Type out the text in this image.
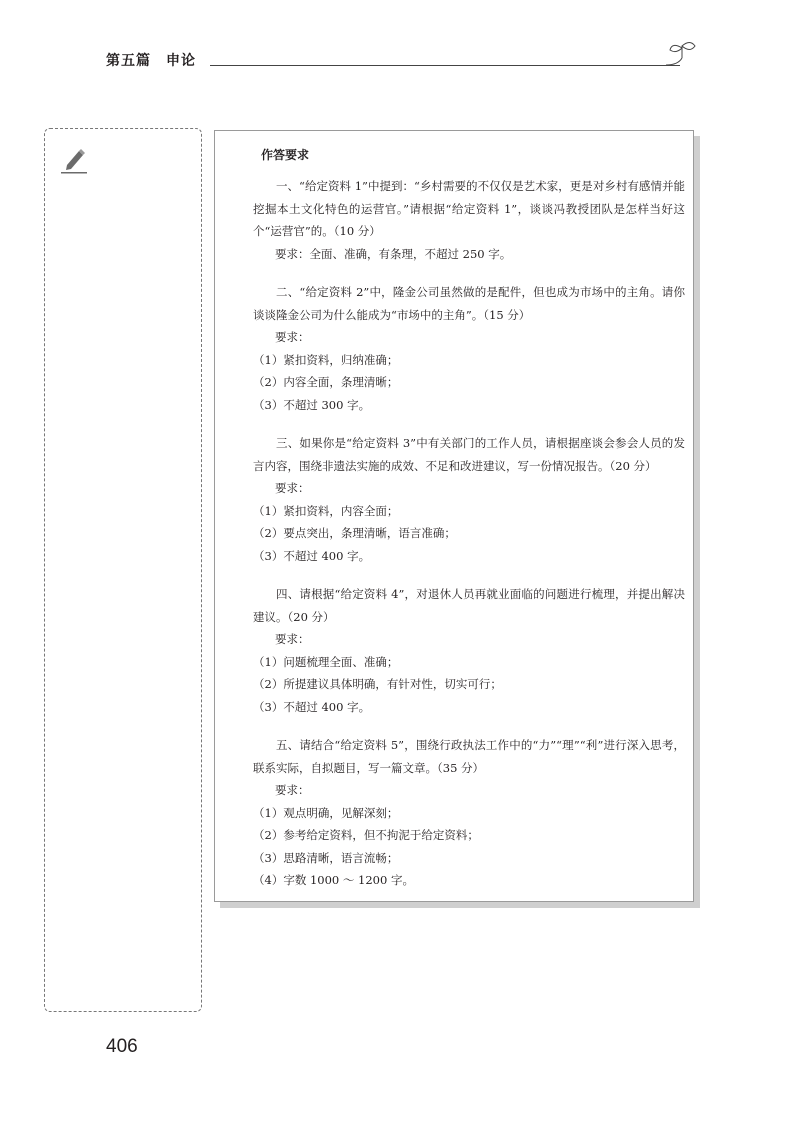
第五篇　申论
作答要求

一、“给定资料 1”中提到：“乡村需要的不仅仅是艺术家，更是对乡村有感情并能挖掘本土文化特色的运营官。”请根据“给定资料 1”，谈谈冯教授团队是怎样当好这个“运营官”的。（10 分）

要求：全面、准确，有条理，不超过 250 字。

二、“给定资料 2”中，隆金公司虽然做的是配件，但也成为市场中的主角。请你谈谈隆金公司为什么能成为“市场中的主角”。（15 分）

要求：

（1）紧扣资料，归纳准确；

（2）内容全面，条理清晰；

（3）不超过 300 字。

三、如果你是“给定资料 3”中有关部门的工作人员，请根据座谈会参会人员的发言内容，围绕非遗法实施的成效、不足和改进建议，写一份情况报告。（20 分）

要求：

（1）紧扣资料，内容全面；

（2）要点突出，条理清晰，语言准确；

（3）不超过 400 字。

四、请根据“给定资料 4”，对退休人员再就业面临的问题进行梳理，并提出解决建议。（20 分）

要求：

（1）问题梳理全面、准确；

（2）所提建议具体明确，有针对性，切实可行；

（3）不超过 400 字。

五、请结合“给定资料 5”，围绕行政执法工作中的“力”“理”“利”进行深入思考，联系实际，自拟题目，写一篇文章。（35 分）

要求：

（1）观点明确，见解深刻；

（2）参考给定资料，但不拘泥于给定资料；

（3）思路清晰，语言流畅；

（4）字数 1000 ～ 1200 字。

406
